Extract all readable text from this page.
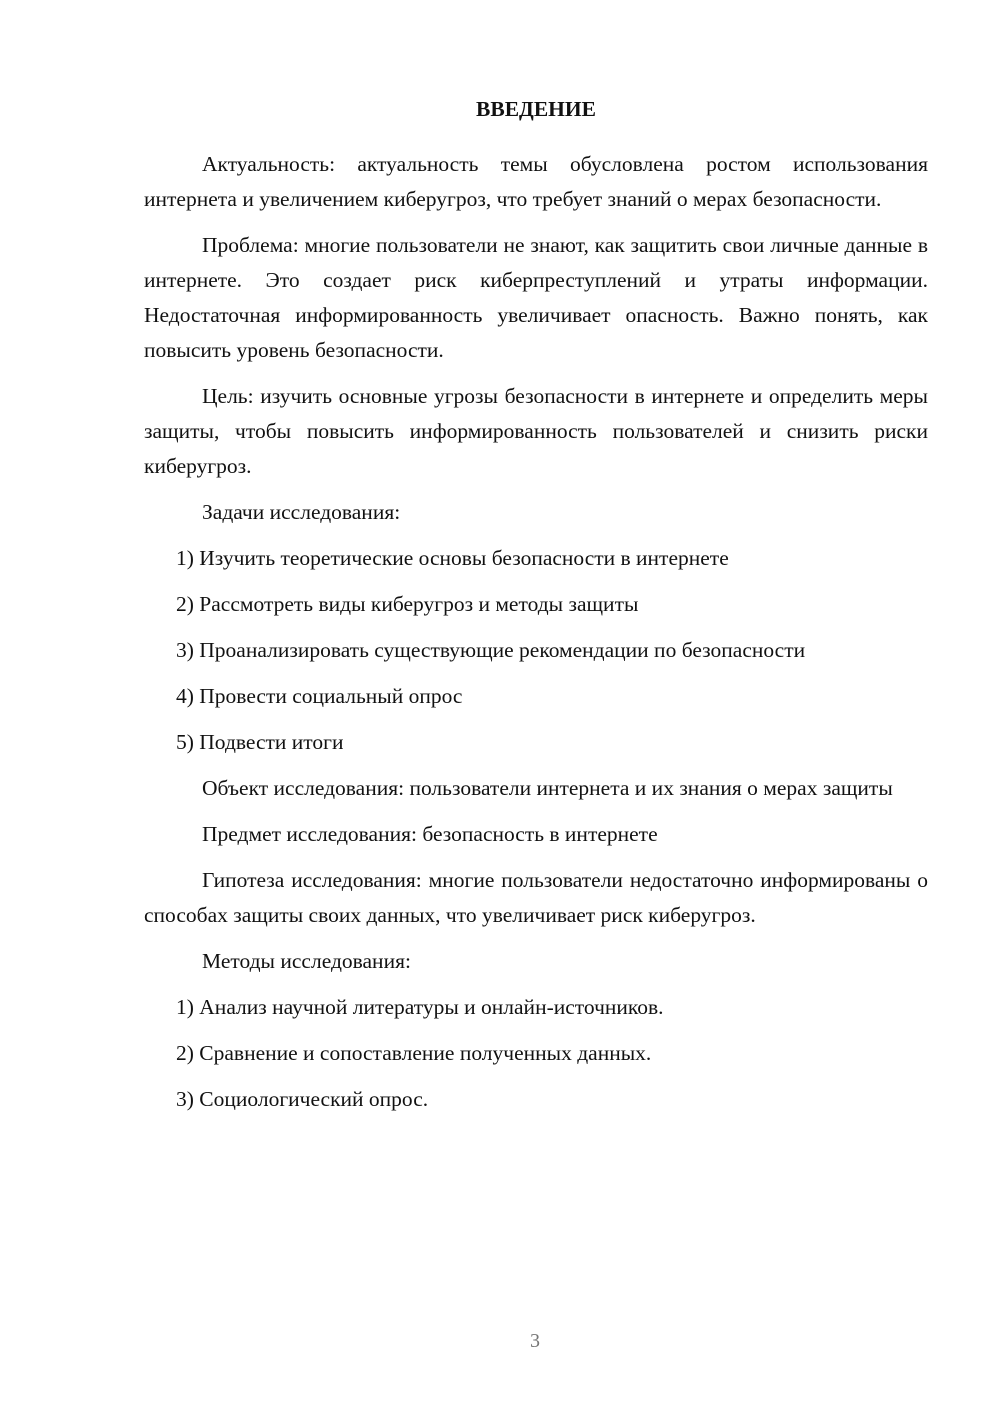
ВВЕДЕНИЕ

Актуальность: актуальность темы обусловлена ростом использования интернета и увеличением киберугроз, что требует знаний о мерах безопасности.

Проблема: многие пользователи не знают, как защитить свои личные данные в интернете. Это создает риск киберпреступлений и утраты информации. Недостаточная информированность увеличивает опасность. Важно понять, как повысить уровень безопасности.

Цель: изучить основные угрозы безопасности в интернете и определить меры защиты, чтобы повысить информированность пользователей и снизить риски киберугроз.

Задачи исследования:

1) Изучить теоретические основы безопасности в интернете
2) Рассмотреть виды киберугроз и методы защиты
3) Проанализировать существующие рекомендации по безопасности
4) Провести социальный опрос
5) Подвести итоги

Объект исследования: пользователи интернета и их знания о мерах защиты

Предмет исследования: безопасность в интернете

Гипотеза исследования: многие пользователи недостаточно информированы о способах защиты своих данных, что увеличивает риск киберугроз.

Методы исследования:

1) Анализ научной литературы и онлайн-источников.
2) Сравнение и сопоставление полученных данных.
3) Социологический опрос.
3
